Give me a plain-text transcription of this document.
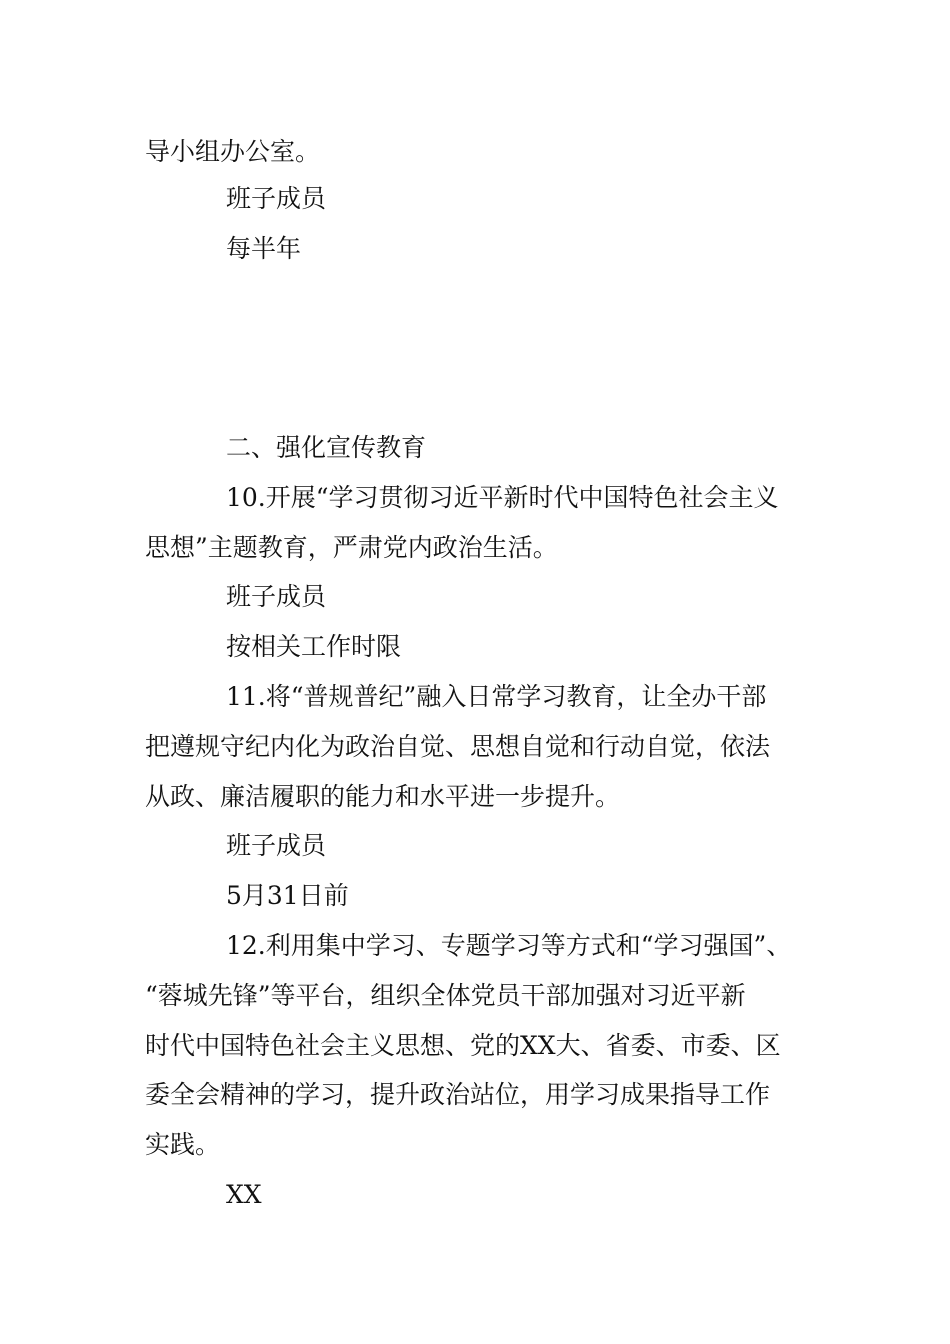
导小组办公室。
班子成员
每半年
二、强化宣传教育
10.开展“学习贯彻习近平新时代中国特色社会主义
思想”主题教育，严肃党内政治生活。
班子成员
按相关工作时限
11.将“普规普纪”融入日常学习教育，让全办干部
把遵规守纪内化为政治自觉、思想自觉和行动自觉，依法
从政、廉洁履职的能力和水平进一步提升。
班子成员
5月31日前
12.利用集中学习、专题学习等方式和“学习强国”、
“蓉城先锋”等平台，组织全体党员干部加强对习近平新
时代中国特色社会主义思想、党的XX大、省委、市委、区
委全会精神的学习，提升政治站位，用学习成果指导工作
实践。
XX
